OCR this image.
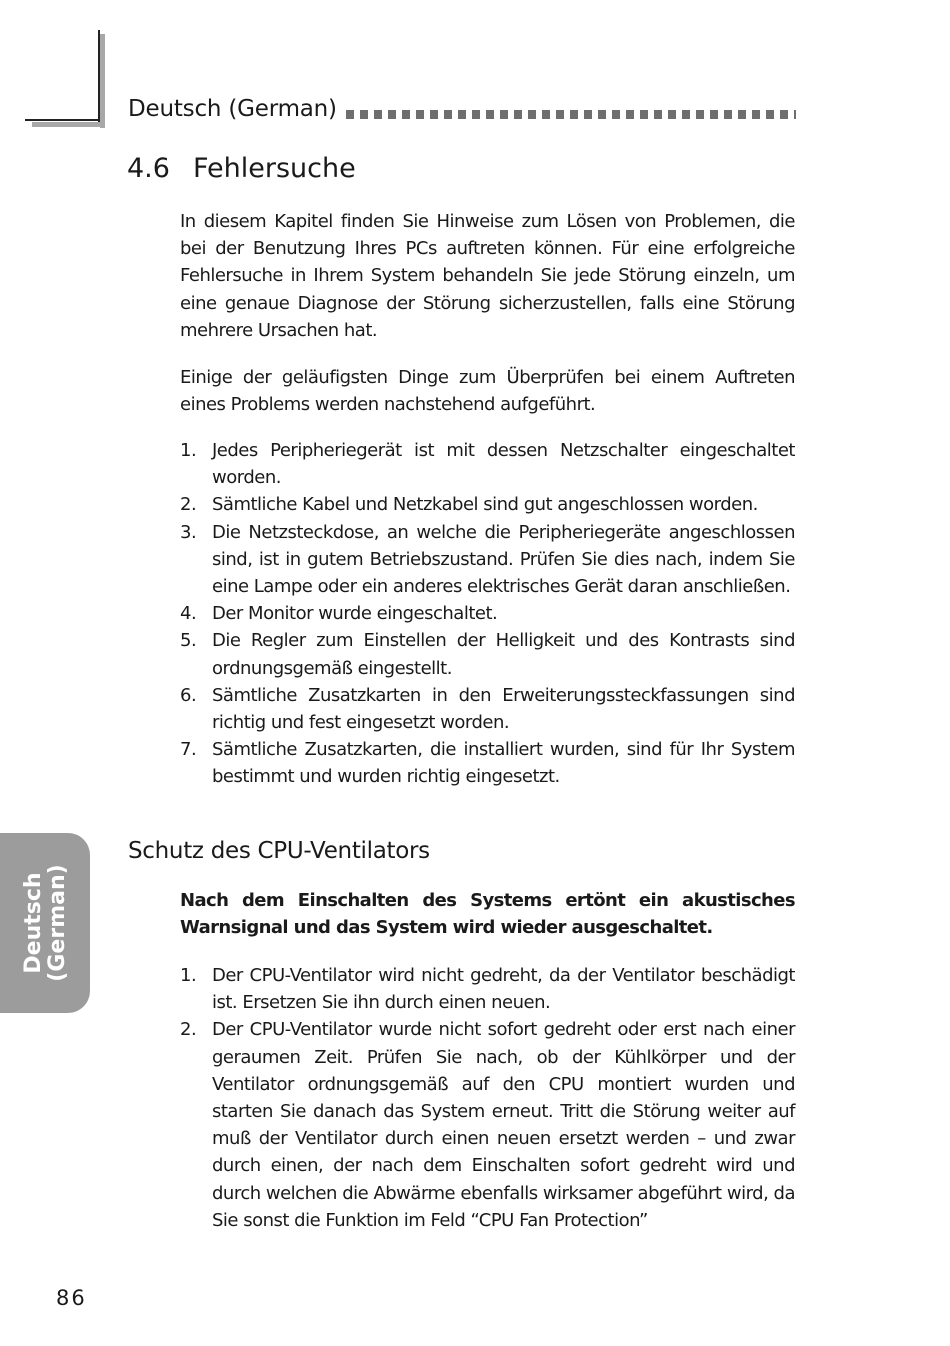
Deutsch (German)
4.6 Fehlersuche

In diesem Kapitel finden Sie Hinweise zum Lösen von Problemen, die bei der Benutzung Ihres PCs auftreten können. Für eine erfolgreiche Fehlersuche in Ihrem System behandeln Sie jede Störung einzeln, um eine genaue Diagnose der Störung sicherzustellen, falls eine Störung mehrere Ursachen hat.

Einige der geläufigsten Dinge zum Überprüfen bei einem Auftreten eines Problems werden nachstehend aufgeführt.

1. Jedes Peripheriegerät ist mit dessen Netzschalter eingeschaltet worden.
2. Sämtliche Kabel und Netzkabel sind gut angeschlossen worden.
3. Die Netzsteckdose, an welche die Peripheriegeräte angeschlossen sind, ist in gutem Betriebszustand. Prüfen Sie dies nach, indem Sie eine Lampe oder ein anderes elektrisches Gerät daran anschließen.
4. Der Monitor wurde eingeschaltet.
5. Die Regler zum Einstellen der Helligkeit und des Kontrasts sind ordnungsgemäß eingestellt.
6. Sämtliche Zusatzkarten in den Erweiterungssteckfassungen sind richtig und fest eingesetzt worden.
7. Sämtliche Zusatzkarten, die installiert wurden, sind für Ihr System bestimmt und wurden richtig eingesetzt.
Schutz des CPU-Ventilators

Nach dem Einschalten des Systems ertönt ein akustisches Warnsignal und das System wird wieder ausgeschaltet.

1. Der CPU-Ventilator wird nicht gedreht, da der Ventilator beschädigt ist. Ersetzen Sie ihn durch einen neuen.
2. Der CPU-Ventilator wurde nicht sofort gedreht oder erst nach einer geraumen Zeit. Prüfen Sie nach, ob der Kühlkörper und der Ventilator ordnungsgemäß auf den CPU montiert wurden und starten Sie danach das System erneut. Tritt die Störung weiter auf muß der Ventilator durch einen neuen ersetzt werden – und zwar durch einen, der nach dem Einschalten sofort gedreht wird und durch welchen die Abwärme ebenfalls wirksamer abgeführt wird, da Sie sonst die Funktion im Feld “CPU Fan Protection”
Deutsch (German)
86
